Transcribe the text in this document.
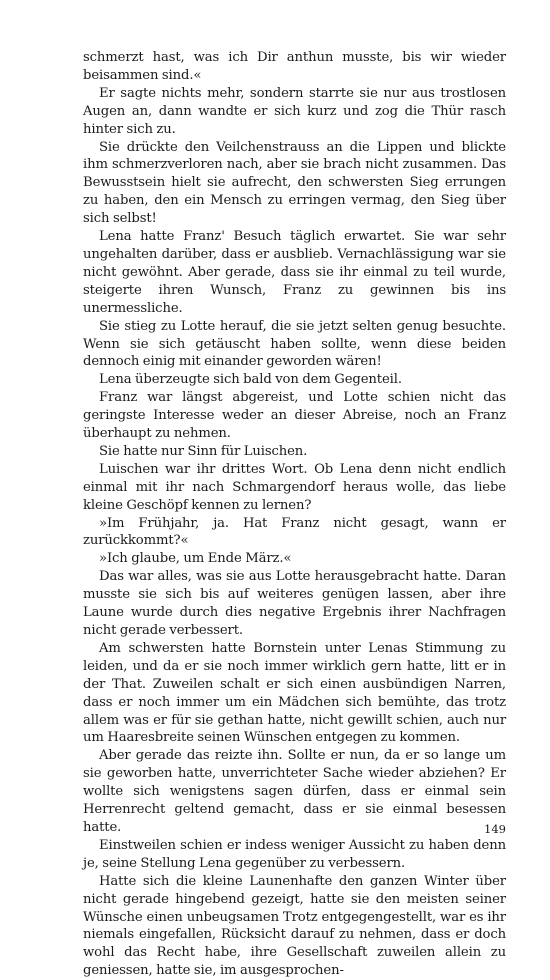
schmerzt hast, was ich Dir anthun musste, bis wir wieder beisammen sind.«

Er sagte nichts mehr, sondern starrte sie nur aus trostlosen Augen an, dann wandte er sich kurz und zog die Thür rasch hinter sich zu.

Sie drückte den Veilchenstrauss an die Lippen und blickte ihm schmerzverloren nach, aber sie brach nicht zusammen. Das Bewusstsein hielt sie aufrecht, den schwersten Sieg errungen zu haben, den ein Mensch zu erringen vermag, den Sieg über sich selbst!

Lena hatte Franz' Besuch täglich erwartet. Sie war sehr ungehalten darüber, dass er ausblieb. Vernachlässigung war sie nicht gewöhnt. Aber gerade, dass sie ihr einmal zu teil wurde, steigerte ihren Wunsch, Franz zu gewinnen bis ins unermessliche.

Sie stieg zu Lotte herauf, die sie jetzt selten genug besuchte. Wenn sie sich getäuscht haben sollte, wenn diese beiden dennoch einig mit einander geworden wären!

Lena überzeugte sich bald von dem Gegenteil.

Franz war längst abgereist, und Lotte schien nicht das geringste Interesse weder an dieser Abreise, noch an Franz überhaupt zu nehmen.

Sie hatte nur Sinn für Luischen.

Luischen war ihr drittes Wort. Ob Lena denn nicht endlich einmal mit ihr nach Schmargendorf heraus wolle, das liebe kleine Geschöpf kennen zu lernen?

»Im Frühjahr, ja. Hat Franz nicht gesagt, wann er zurückkommt?«

»Ich glaube, um Ende März.«

Das war alles, was sie aus Lotte herausgebracht hatte. Daran musste sie sich bis auf weiteres genügen lassen, aber ihre Laune wurde durch dies negative Ergebnis ihrer Nachfragen nicht gerade verbessert.

Am schwersten hatte Bornstein unter Lenas Stimmung zu leiden, und da er sie noch immer wirklich gern hatte, litt er in der That. Zuweilen schalt er sich einen ausbündigen Narren, dass er noch immer um ein Mädchen sich bemühte, das trotz allem was er für sie gethan hatte, nicht gewillt schien, auch nur um Haaresbreite seinen Wünschen entgegen zu kommen.

Aber gerade das reizte ihn. Sollte er nun, da er so lange um sie geworben hatte, unverrichteter Sache wieder abziehen? Er wollte sich wenigstens sagen dürfen, dass er einmal sein Herrenrecht geltend gemacht, dass er sie einmal besessen hatte.

Einstweilen schien er indess weniger Aussicht zu haben denn je, seine Stellung Lena gegenüber zu verbessern.

Hatte sich die kleine Launenhafte den ganzen Winter über nicht gerade hingebend gezeigt, hatte sie den meisten seiner Wünsche einen unbeugsamen Trotz entgegengestellt, war es ihr niemals eingefallen, Rücksicht darauf zu nehmen, dass er doch wohl das Recht habe, ihre Gesellschaft zuweilen allein zu geniessen, hatte sie, im ausgesprochen-

149
